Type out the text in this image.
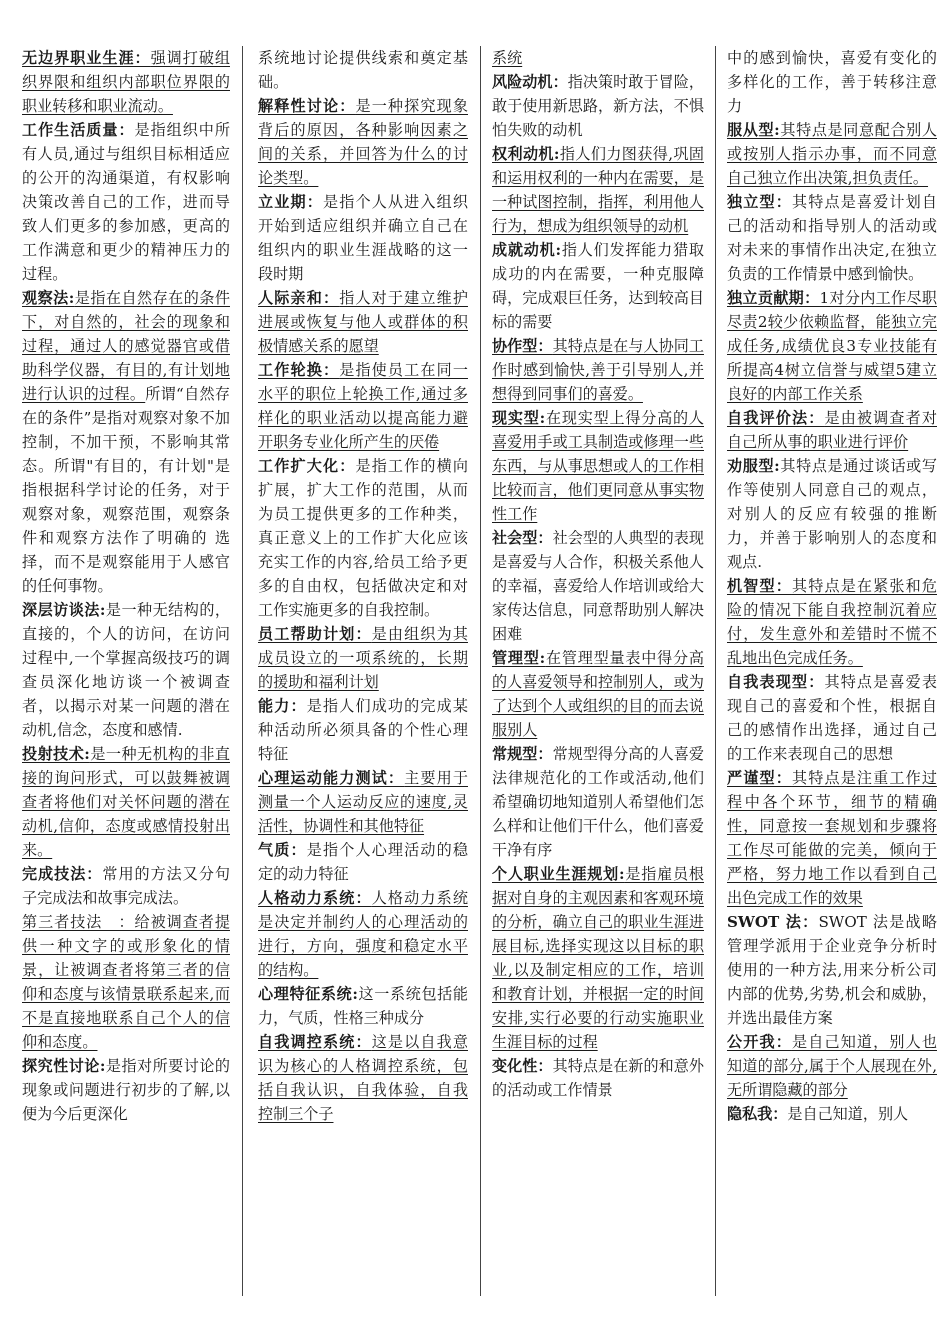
无边界职业生涯：强调打破组织界限和组织内部职位界限的职业转移和职业流动。

工作生活质量：是指组织中所有人员,通过与组织目标相适应的公开的沟通渠道，有权影响决策改善自己的工作，进而导致人们更多的参加感，更高的工作满意和更少的精神压力的过程。

观察法:是指在自然存在的条件下，对自然的，社会的现象和过程，通过人的感觉器官或借助科学仪器，有目的,有计划地进行认识的过程。所谓“自然存在的条件”是指对观察对象不加控制，不加干预，不影响其常态。所谓"有目的，有计划"是指根据科学讨论的任务，对于观察对象，观察范围，观察条件和观察方法作了明确的 选择，而不是观察能用于人感官的任何事物。

深层访谈法:是一种无结构的，直接的，个人的访问，在访问过程中,一个掌握高级技巧的调查员深化地访谈一个被调查者，以揭示对某一问题的潜在动机,信念，态度和感情.

投射技术:是一种无机构的非直接的询问形式，可以鼓舞被调查者将他们对关怀问题的潜在动机,信仰，态度或感情投射出来。

完成技法：常用的方法又分句子完成法和故事完成法。

第三者技法　：给被调查者提供一种文字的或形象化的情景，让被调查者将第三者的信仰和态度与该情景联系起来,而不是直接地联系自己个人的信仰和态度。

探究性讨论:是指对所要讨论的现象或问题进行初步的了解,以便为今后更深化

系统地讨论提供线索和奠定基础。

解释性讨论：是一种探究现象背后的原因，各种影响因素之间的关系，并回答为什么的讨论类型。

立业期：是指个人从进入组织开始到适应组织并确立自己在组织内的职业生涯战略的这一段时期

人际亲和：指人对于建立维护进展或恢复与他人或群体的积极情感关系的愿望

工作轮换：是指使员工在同一水平的职位上轮换工作,通过多样化的职业活动以提高能力避开职务专业化所产生的厌倦

工作扩大化：是指工作的横向扩展，扩大工作的范围，从而为员工提供更多的工作种类，真正意义上的工作扩大化应该充实工作的内容,给员工给予更多的自由权，包括做决定和对工作实施更多的自我控制。

员工帮助计划：是由组织为其成员设立的一项系统的，长期的援助和福利计划

能力：是指人们成功的完成某种活动所必须具备的个性心理特征

心理运动能力测试：主要用于测量一个人运动反应的速度,灵活性，协调性和其他特征

气质：是指个人心理活动的稳定的动力特征

人格动力系统：人格动力系统是决定并制约人的心理活动的进行，方向，强度和稳定水平的结构。

心理特征系统:这一系统包括能力，气质，性格三种成分

自我调控系统：这是以自我意识为核心的人格调控系统，包括自我认识，自我体验，自我控制三个子

系统

风险动机：指决策时敢于冒险，敢于使用新思路，新方法，不惧怕失败的动机

权利动机:指人们力图获得,巩固和运用权利的一种内在需要，是一种试图控制，指挥，利用他人行为，想成为组织领导的动机

成就动机:指人们发挥能力猎取成功的内在需要，一种克服障碍，完成艰巨任务，达到较高目标的需要

协作型：其特点是在与人协同工作时感到愉快,善于引导别人,并想得到同事们的喜爱。

现实型:在现实型上得分高的人喜爱用手或工具制造或修理一些东西，与从事思想或人的工作相比较而言，他们更同意从事实物性工作

社会型：社会型的人典型的表现是喜爱与人合作，积极关系他人的幸福，喜爱给人作培训或给大家传达信息，同意帮助别人解决困难

管理型:在管理型量表中得分高的人喜爱领导和控制别人，或为了达到个人或组织的目的而去说服别人

常规型：常规型得分高的人喜爱法律规范化的工作或活动,他们希望确切地知道别人希望他们怎么样和让他们干什么，他们喜爱干净有序

个人职业生涯规划:是指雇员根据对自身的主观因素和客观环境的分析，确立自己的职业生涯进展目标,选择实现这以目标的职业,以及制定相应的工作，培训和教育计划，并根据一定的时间安排,实行必要的行动实施职业生涯目标的过程

变化性：其特点是在新的和意外的活动或工作情景

中的感到愉快，喜爱有变化的多样化的工作，善于转移注意力

服从型:其特点是同意配合别人或按别人指示办事，而不同意自己独立作出决策,担负责任。

独立型：其特点是喜爱计划自己的活动和指导别人的活动或对未来的事情作出决定,在独立负责的工作情景中感到愉快。

独立贡献期：1对分内工作尽职尽责2较少依赖监督，能独立完成任务,成绩优良3专业技能有所提高4树立信誉与威望5建立良好的内部工作关系

自我评价法：是由被调查者对自己所从事的职业进行评价

劝服型:其特点是通过谈话或写作等使别人同意自己的观点，对别人的反应有较强的推断力，并善于影响别人的态度和观点.

机智型：其特点是在紧张和危险的情况下能自我控制沉着应付，发生意外和差错时不慌不乱地出色完成任务。

自我表现型：其特点是喜爱表现自己的喜爱和个性，根据自己的感情作出选择，通过自己的工作来表现自己的思想

严谨型：其特点是注重工作过程中各个环节，细节的精确性，同意按一套规划和步骤将工作尽可能做的完美，倾向于严格，努力地工作以看到自己出色完成工作的效果

SWOT 法：SWOT 法是战略管理学派用于企业竞争分析时使用的一种方法,用来分析公司内部的优势,劣势,机会和威胁，并选出最佳方案

公开我：是自己知道，别人也知道的部分,属于个人展现在外,无所谓隐藏的部分

隐私我：是自己知道，别人
